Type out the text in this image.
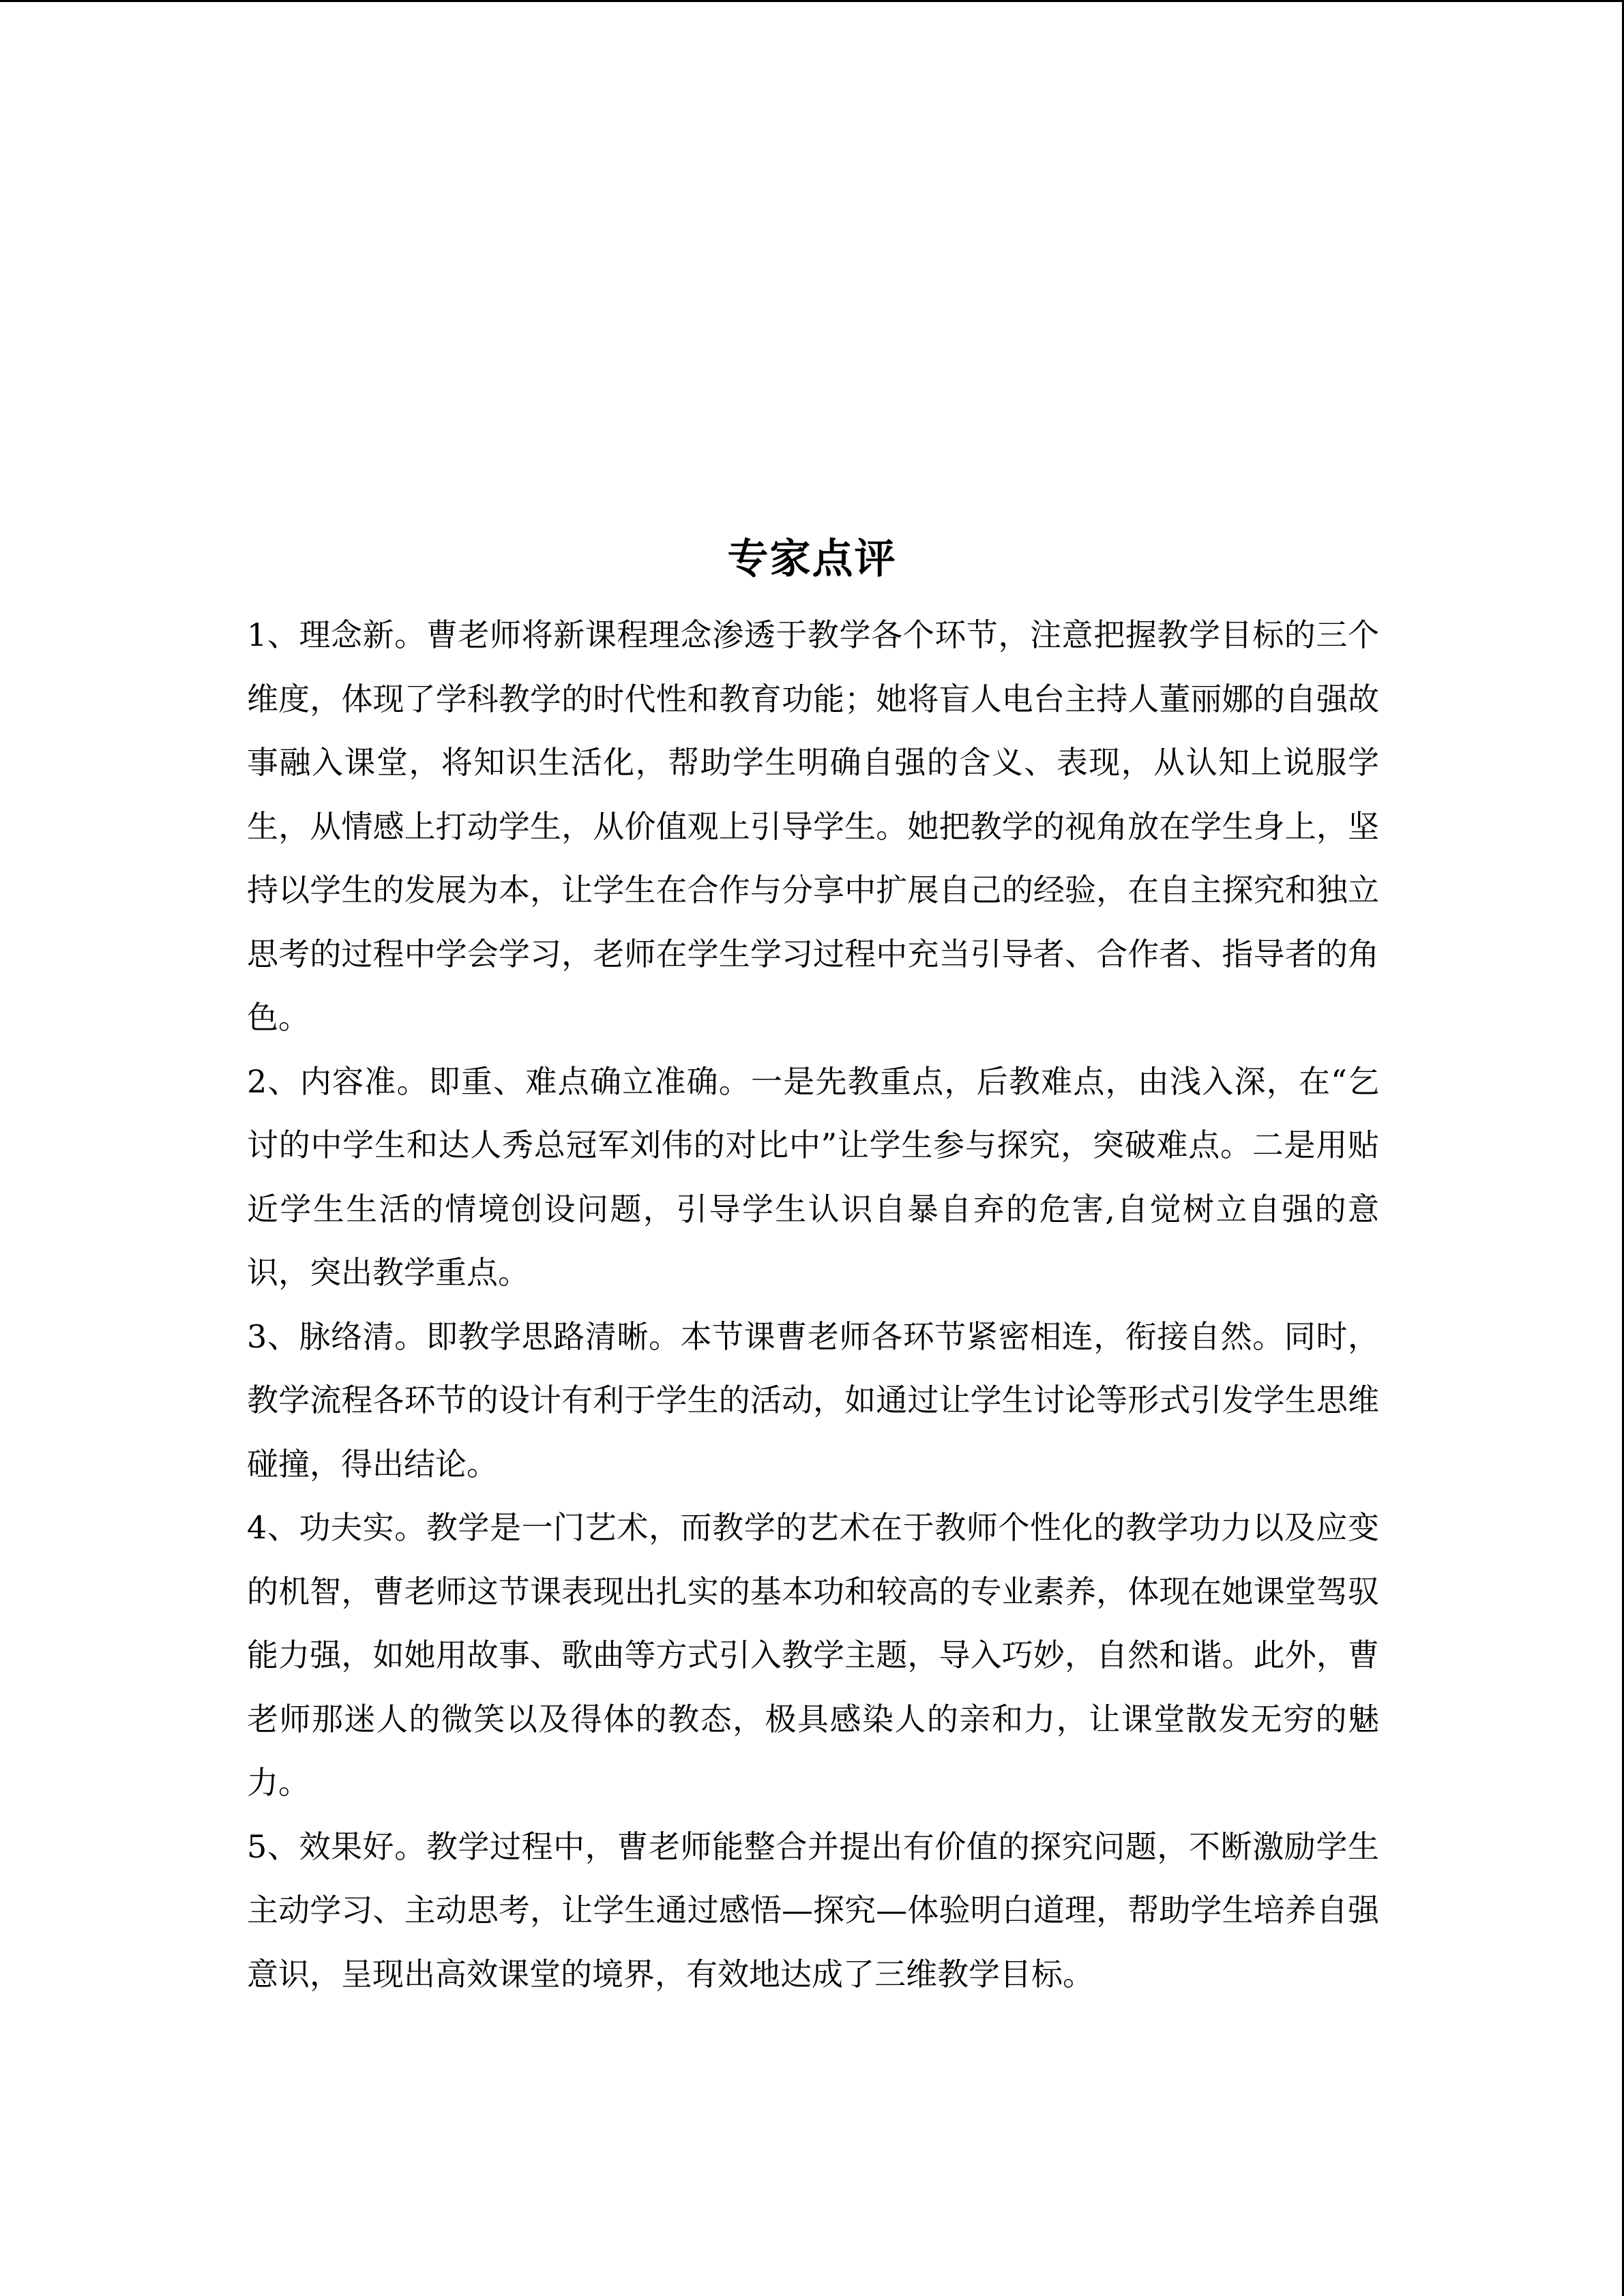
专家点评

1、理念新。曹老师将新课程理念渗透于教学各个环节，注意把握教学目标的三个维度，体现了学科教学的时代性和教育功能；她将盲人电台主持人董丽娜的自强故事融入课堂，将知识生活化，帮助学生明确自强的含义、表现，从认知上说服学生，从情感上打动学生，从价值观上引导学生。她把教学的视角放在学生身上，坚持以学生的发展为本，让学生在合作与分享中扩展自己的经验，在自主探究和独立思考的过程中学会学习，老师在学生学习过程中充当引导者、合作者、指导者的角色。

2、内容准。即重、难点确立准确。一是先教重点，后教难点，由浅入深，在“乞讨的中学生和达人秀总冠军刘伟的对比中”让学生参与探究，突破难点。二是用贴近学生生活的情境创设问题，引导学生认识自暴自弃的危害,自觉树立自强的意识，突出教学重点。

3、脉络清。即教学思路清晰。本节课曹老师各环节紧密相连，衔接自然。同时，教学流程各环节的设计有利于学生的活动，如通过让学生讨论等形式引发学生思维碰撞，得出结论。

4、功夫实。教学是一门艺术，而教学的艺术在于教师个性化的教学功力以及应变的机智，曹老师这节课表现出扎实的基本功和较高的专业素养，体现在她课堂驾驭能力强，如她用故事、歌曲等方式引入教学主题，导入巧妙，自然和谐。此外，曹老师那迷人的微笑以及得体的教态，极具感染人的亲和力，让课堂散发无穷的魅力。

5、效果好。教学过程中，曹老师能整合并提出有价值的探究问题，不断激励学生主动学习、主动思考，让学生通过感悟—探究—体验明白道理，帮助学生培养自强意识，呈现出高效课堂的境界，有效地达成了三维教学目标。
